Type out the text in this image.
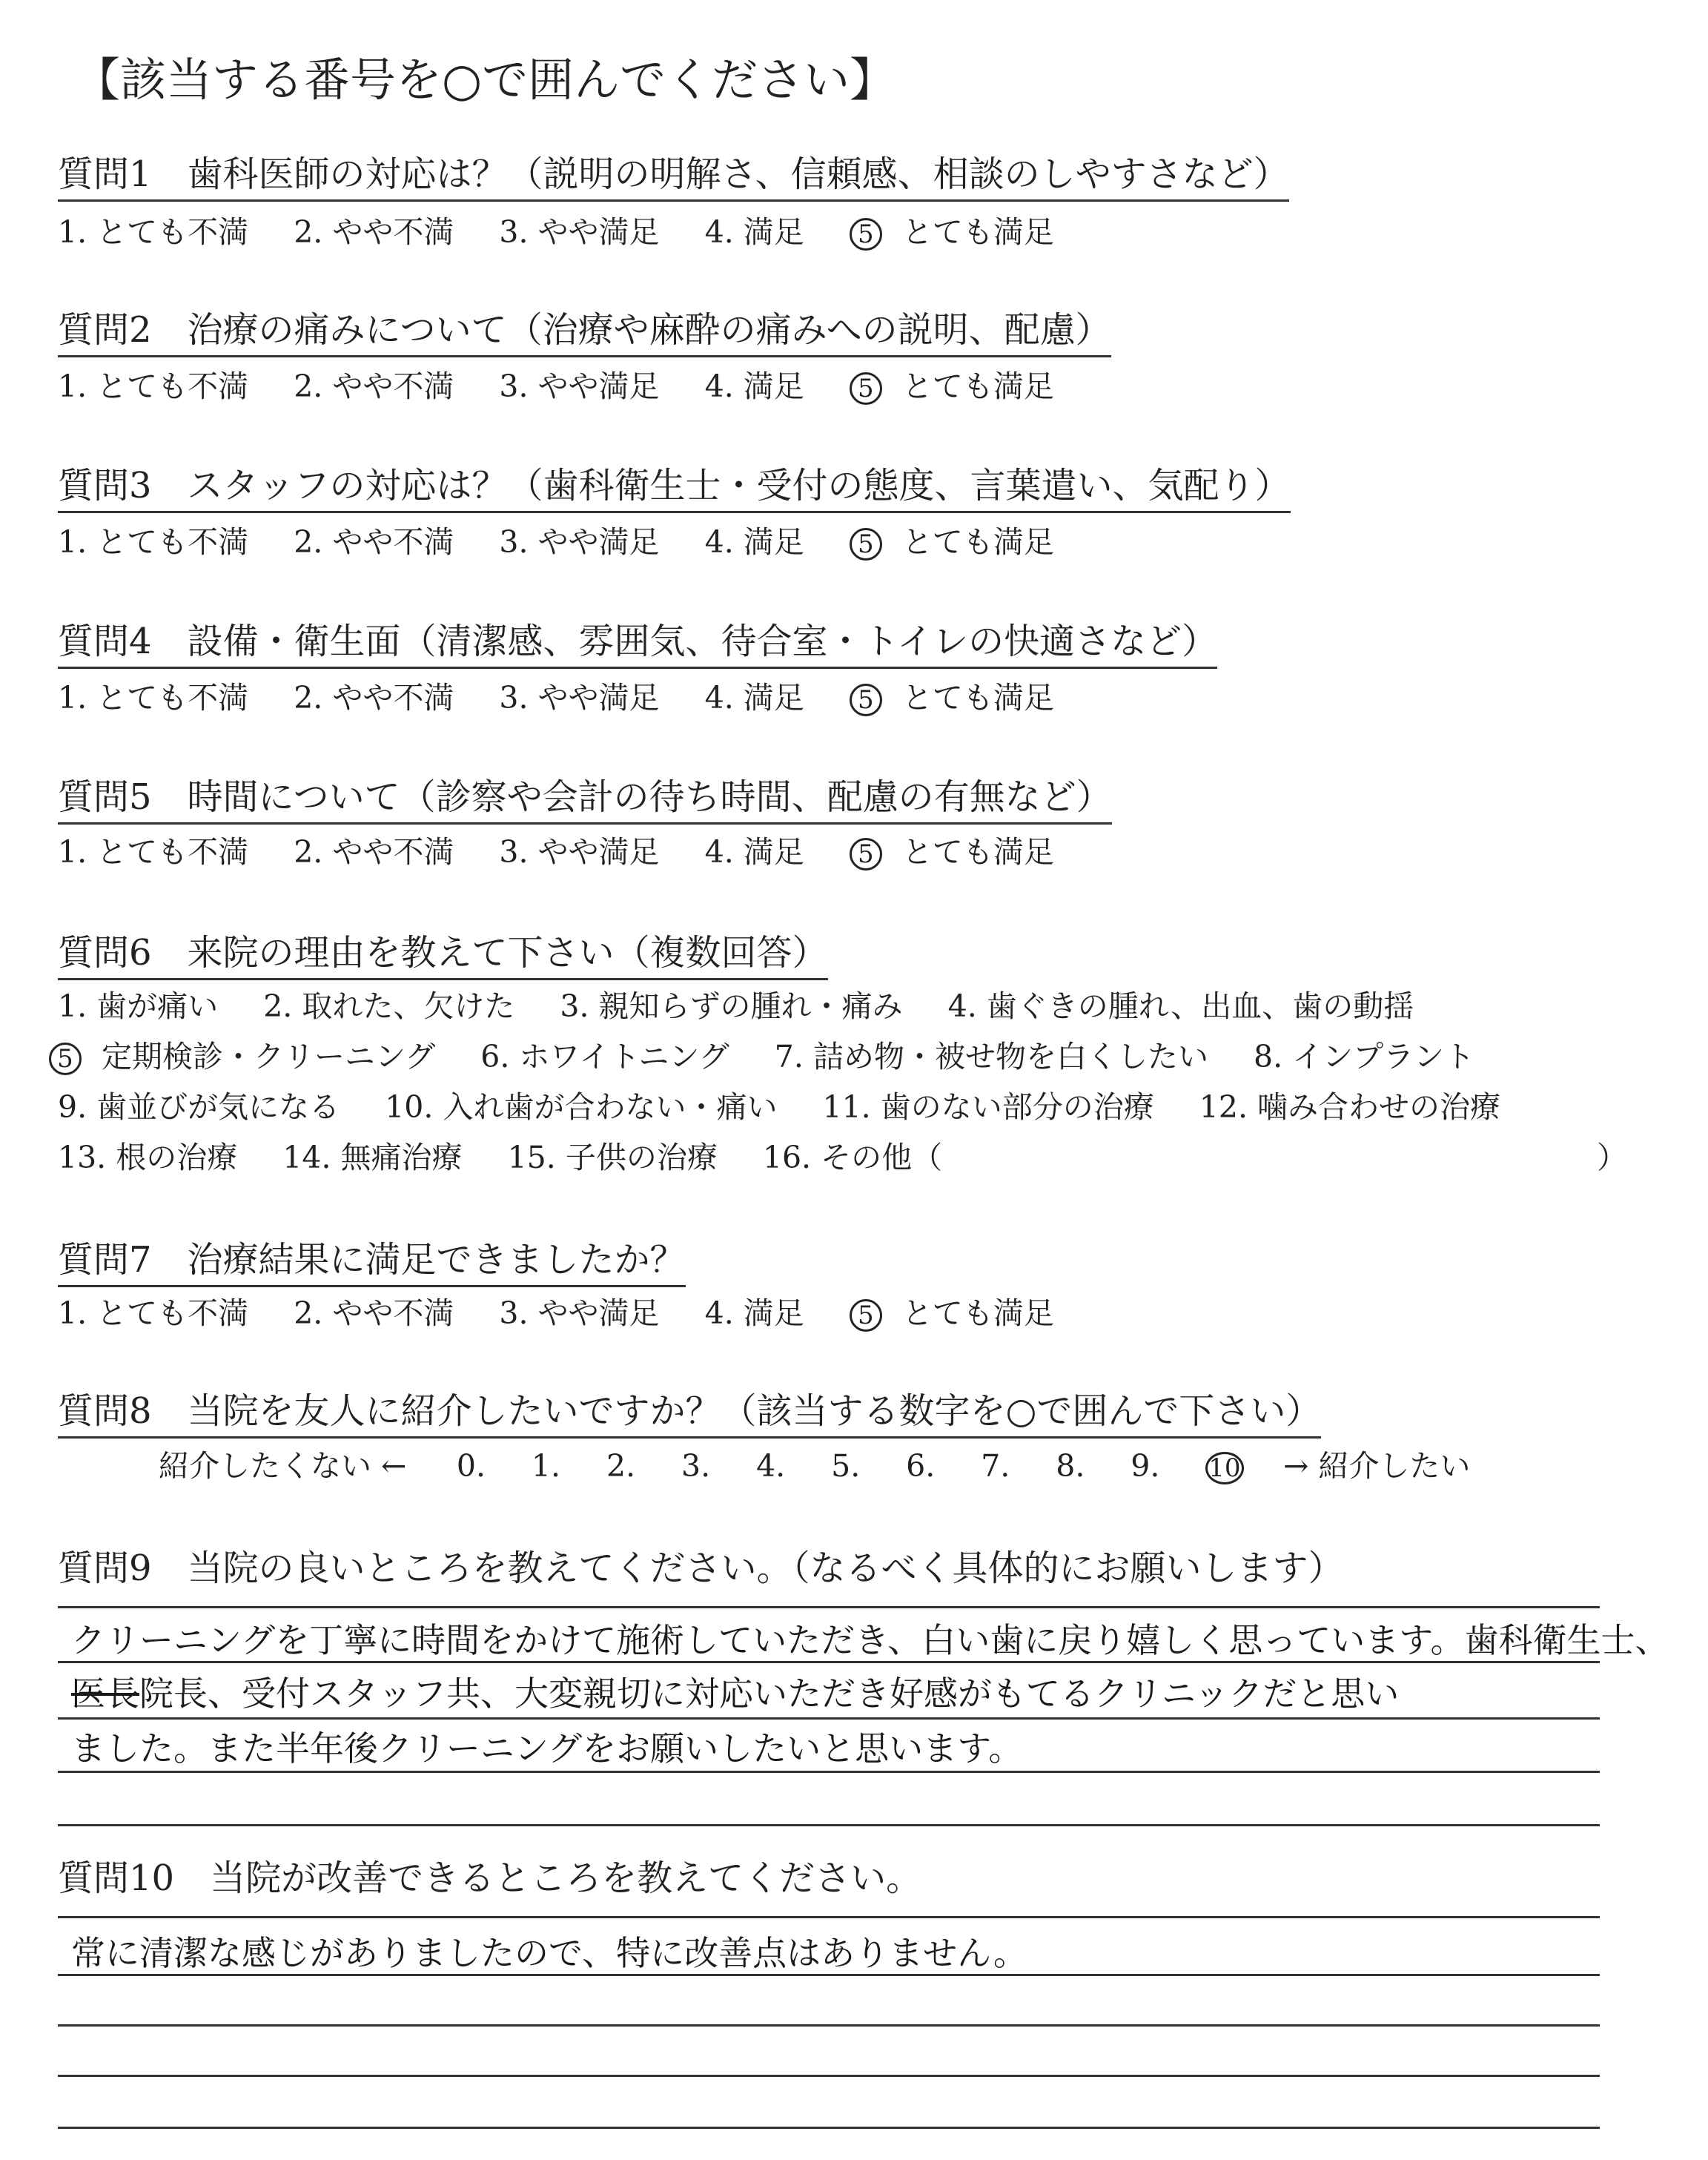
【該当する番号を○で囲んでください】
質問1　歯科医師の対応は？（説明の明解さ、信頼感、相談のしやすさなど）
1. とても不満 2. やや不満 3. やや満足 4. 満足 5 とても満足
質問2　治療の痛みについて（治療や麻酔の痛みへの説明、配慮）
1. とても不満 2. やや不満 3. やや満足 4. 満足 5 とても満足
質問3　スタッフの対応は？（歯科衛生士・受付の態度、言葉遣い、気配り）
1. とても不満 2. やや不満 3. やや満足 4. 満足 5 とても満足
質問4　設備・衛生面（清潔感、雰囲気、待合室・トイレの快適さなど）
1. とても不満 2. やや不満 3. やや満足 4. 満足 5 とても満足
質問5　時間について（診察や会計の待ち時間、配慮の有無など）
1. とても不満 2. やや不満 3. やや満足 4. 満足 5 とても満足
質問6　来院の理由を教えて下さい（複数回答）
1. 歯が痛い 2. 取れた、欠けた 3. 親知らずの腫れ・痛み 4. 歯ぐきの腫れ、出血、歯の動揺
5 定期検診・クリーニング 6. ホワイトニング 7. 詰め物・被せ物を白くしたい 8. インプラント
9. 歯並びが気になる 10. 入れ歯が合わない・痛い 11. 歯のない部分の治療 12. 噛み合わせの治療
13. 根の治療 14. 無痛治療 15. 子供の治療 16. その他（	）
質問7　治療結果に満足できましたか？
1. とても不満 2. やや不満 3. やや満足 4. 満足 5 とても満足
質問8　当院を友人に紹介したいですか？（該当する数字を○で囲んで下さい）
紹介したくない ← 0. 1. 2. 3. 4. 5. 6. 7. 8. 9. 10 → 紹介したい
質問9　当院の良いところを教えてください。（なるべく具体的にお願いします）
クリーニングを丁寧に時間をかけて施術していただき、白い歯に戻り嬉しく思っています。歯科衛生士、
医長院長、受付スタッフ共、大変親切に対応いただき好感がもてるクリニックだと思い
ました。また半年後クリーニングをお願いしたいと思います。
質問10　当院が改善できるところを教えてください。
常に清潔な感じがありましたので、特に改善点はありません。
